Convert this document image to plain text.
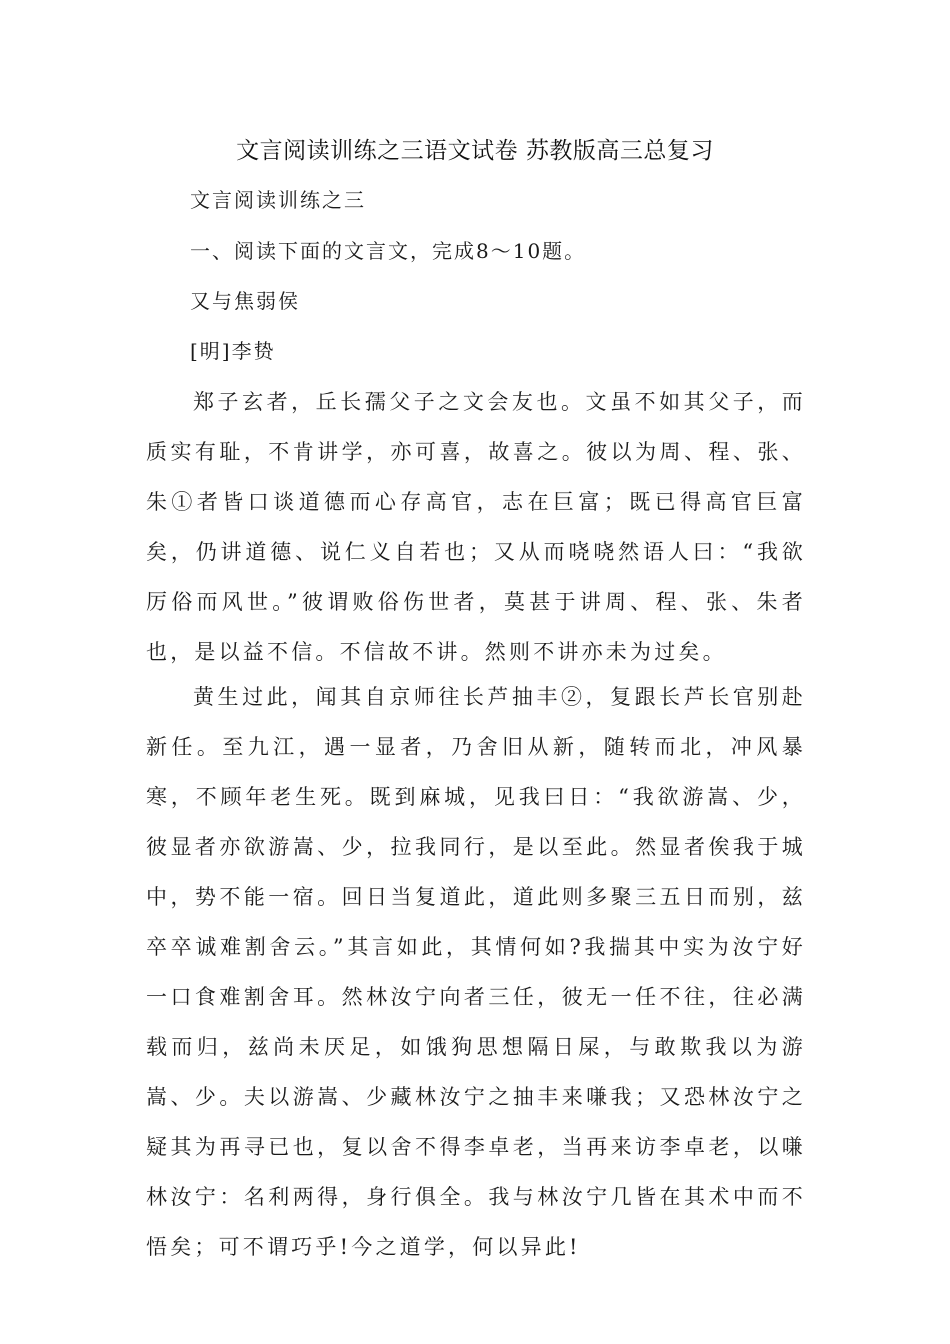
文言阅读训练之三语文试卷 苏教版高三总复习

文言阅读训练之三

一、阅读下面的文言文，完成8～10题。

又与焦弱侯

[明]李贽

郑子玄者，丘长孺父子之文会友也。文虽不如其父子，而质实有耻，不肯讲学，亦可喜，故喜之。彼以为周、程、张、朱①者皆口谈道德而心存高官，志在巨富；既已得高官巨富矣，仍讲道德、说仁义自若也；又从而哓哓然语人曰：“我欲厉俗而风世。”彼谓败俗伤世者，莫甚于讲周、程、张、朱者也，是以益不信。不信故不讲。然则不讲亦未为过矣。

黄生过此，闻其自京师往长芦抽丰②，复跟长芦长官别赴新任。至九江，遇一显者，乃舍旧从新，随转而北，冲风暴寒，不顾年老生死。既到麻城，见我曰日：“我欲游嵩、少，彼显者亦欲游嵩、少，拉我同行，是以至此。然显者俟我于城中，势不能一宿。回日当复道此，道此则多聚三五日而别，兹卒卒诚难割舍云。”其言如此，其情何如?我揣其中实为汝宁好一口食难割舍耳。然林汝宁向者三任，彼无一任不往，往必满载而归，兹尚未厌足，如饿狗思想隔日屎，与敢欺我以为游嵩、少。夫以游嵩、少藏林汝宁之抽丰来嗛我；又恐林汝宁之疑其为再寻已也，复以舍不得李卓老，当再来访李卓老，以嗛林汝宁：名利两得，身行俱全。我与林汝宁几皆在其术中而不悟矣；可不谓巧乎!今之道学，何以异此!
